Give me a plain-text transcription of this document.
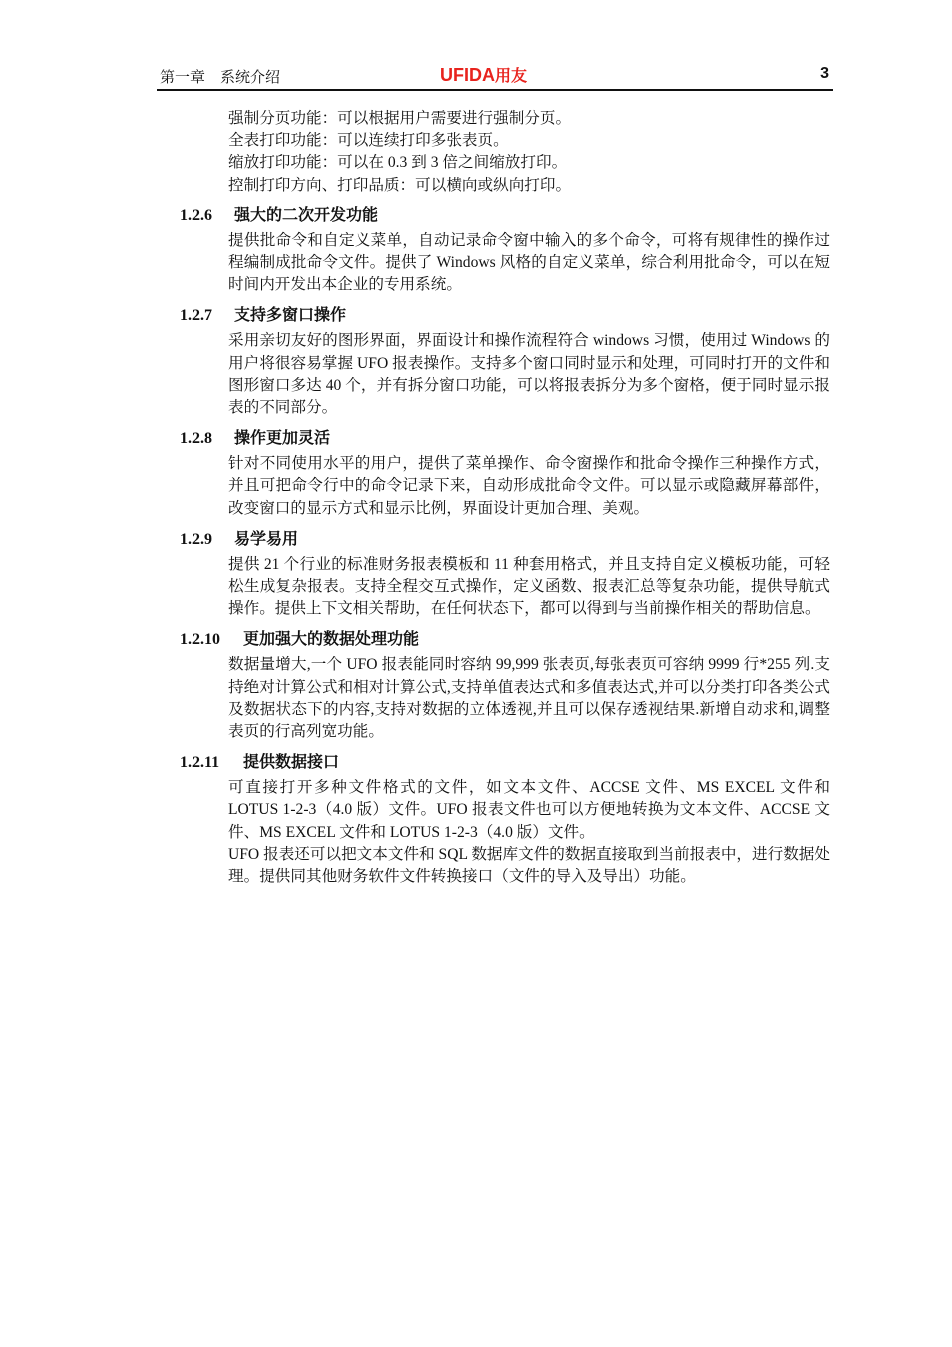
第一章　系统介绍	UFIDA用友	3

强制分页功能：可以根据用户需要进行强制分页。

全表打印功能：可以连续打印多张表页。

缩放打印功能：可以在 0.3 到 3 倍之间缩放打印。

控制打印方向、打印品质：可以横向或纵向打印。

1.2.6 强大的二次开发功能

提供批命令和自定义菜单，自动记录命令窗中输入的多个命令，可将有规律性的操作过程编制成批命令文件。提供了 Windows 风格的自定义菜单，综合利用批命令，可以在短时间内开发出本企业的专用系统。

1.2.7 支持多窗口操作

采用亲切友好的图形界面，界面设计和操作流程符合 windows 习惯，使用过 Windows 的用户将很容易掌握 UFO 报表操作。支持多个窗口同时显示和处理，可同时打开的文件和图形窗口多达 40 个，并有拆分窗口功能，可以将报表拆分为多个窗格，便于同时显示报表的不同部分。

1.2.8 操作更加灵活

针对不同使用水平的用户，提供了菜单操作、命令窗操作和批命令操作三种操作方式，并且可把命令行中的命令记录下来，自动形成批命令文件。可以显示或隐藏屏幕部件，改变窗口的显示方式和显示比例，界面设计更加合理、美观。

1.2.9 易学易用

提供 21 个行业的标准财务报表模板和 11 种套用格式，并且支持自定义模板功能，可轻松生成复杂报表。支持全程交互式操作，定义函数、报表汇总等复杂功能，提供导航式操作。提供上下文相关帮助，在任何状态下，都可以得到与当前操作相关的帮助信息。

1.2.10 更加强大的数据处理功能

数据量增大,一个 UFO 报表能同时容纳 99,999 张表页,每张表页可容纳 9999 行*255 列.支持绝对计算公式和相对计算公式,支持单值表达式和多值表达式,并可以分类打印各类公式及数据状态下的内容,支持对数据的立体透视,并且可以保存透视结果.新增自动求和,调整表页的行高列宽功能。

1.2.11 提供数据接口

可直接打开多种文件格式的文件，如文本文件、ACCSE 文件、MS EXCEL 文件和 LOTUS 1-2-3（4.0 版）文件。UFO 报表文件也可以方便地转换为文本文件、ACCSE 文件、MS EXCEL 文件和 LOTUS 1-2-3（4.0 版）文件。

UFO 报表还可以把文本文件和 SQL 数据库文件的数据直接取到当前报表中，进行数据处理。提供同其他财务软件文件转换接口（文件的导入及导出）功能。
